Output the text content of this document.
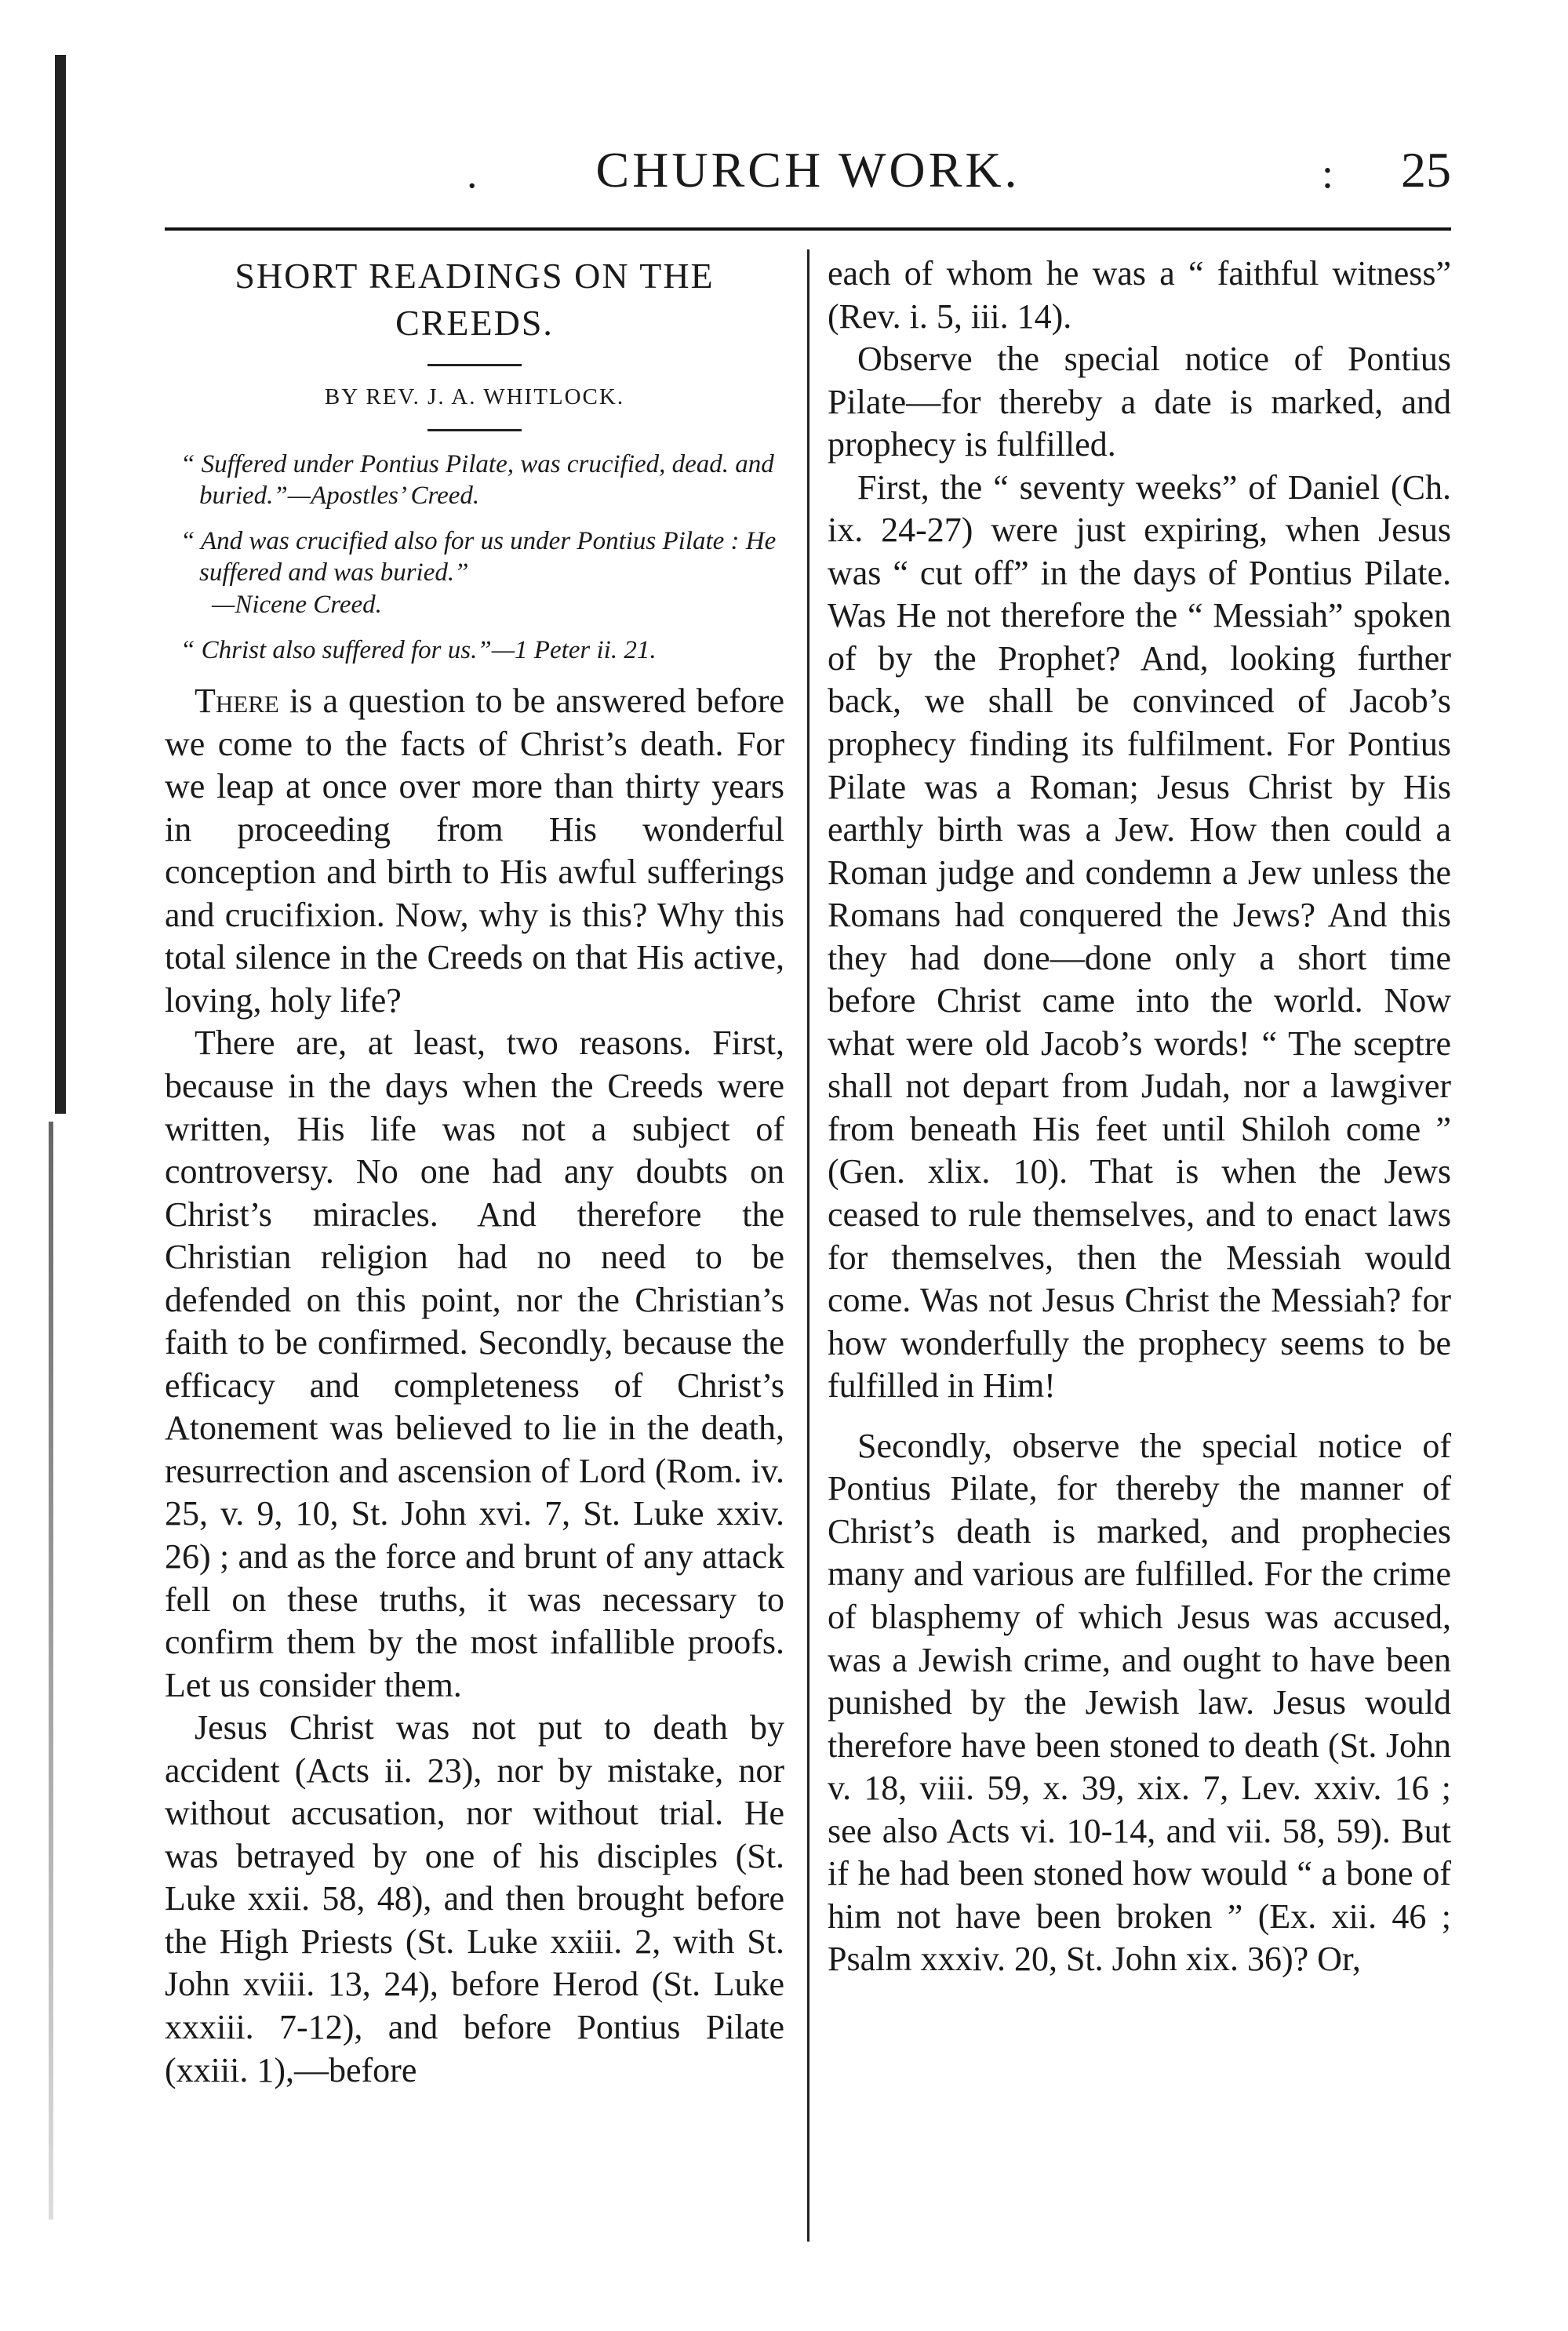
.	CHURCH WORK.	: 25
SHORT READINGS ON THE CREEDS.
BY REV. J. A. WHITLOCK.
“ Suffered under Pontius Pilate, was crucified, dead. and buried.”—Apostles’ Creed.
“ And was crucified also for us under Pontius Pilate : He suffered and was buried.”
—Nicene Creed.
“ Christ also suffered for us.”—1 Peter ii. 21.

There is a question to be answered before we come to the facts of Christ’s death. For we leap at once over more than thirty years in proceeding from His wonderful conception and birth to His awful sufferings and crucifixion. Now, why is this? Why this total silence in the Creeds on that His active, loving, holy life?

There are, at least, two reasons. First, because in the days when the Creeds were written, His life was not a subject of controversy. No one had any doubts on Christ’s miracles. And therefore the Christian religion had no need to be defended on this point, nor the Christian’s faith to be confirmed. Secondly, because the efficacy and completeness of Christ’s Atonement was believed to lie in the death, resurrection and ascension of Lord (Rom. iv. 25, v. 9, 10, St. John xvi. 7, St. Luke xxiv. 26) ; and as the force and brunt of any attack fell on these truths, it was necessary to confirm them by the most infallible proofs. Let us consider them.

Jesus Christ was not put to death by accident (Acts ii. 23), nor by mistake, nor without accusation, nor without trial. He was betrayed by one of his disciples (St. Luke xxii. 58, 48), and then brought before the High Priests (St. Luke xxiii. 2, with St. John xviii. 13, 24), before Herod (St. Luke xxxiii. 7-12), and before Pontius Pilate (xxiii. 1),—before

each of whom he was a “ faithful witness” (Rev. i. 5, iii. 14).

Observe the special notice of Pontius Pilate—for thereby a date is marked, and prophecy is fulfilled.

First, the “ seventy weeks” of Daniel (Ch. ix. 24-27) were just expiring, when Jesus was “ cut off” in the days of Pontius Pilate. Was He not therefore the “ Messiah” spoken of by the Prophet? And, looking further back, we shall be convinced of Jacob’s prophecy finding its fulfilment. For Pontius Pilate was a Roman; Jesus Christ by His earthly birth was a Jew. How then could a Roman judge and condemn a Jew unless the Romans had conquered the Jews? And this they had done—done only a short time before Christ came into the world. Now what were old Jacob’s words! “ The sceptre shall not depart from Judah, nor a lawgiver from beneath His feet until Shiloh come ” (Gen. xlix. 10). That is when the Jews ceased to rule themselves, and to enact laws for themselves, then the Messiah would come. Was not Jesus Christ the Messiah? for how wonderfully the prophecy seems to be fulfilled in Him!

Secondly, observe the special notice of Pontius Pilate, for thereby the manner of Christ’s death is marked, and prophecies many and various are fulfilled. For the crime of blasphemy of which Jesus was accused, was a Jewish crime, and ought to have been punished by the Jewish law. Jesus would therefore have been stoned to death (St. John v. 18, viii. 59, x. 39, xix. 7, Lev. xxiv. 16 ; see also Acts vi. 10-14, and vii. 58, 59). But if he had been stoned how would “ a bone of him not have been broken ” (Ex. xii. 46 ; Psalm xxxiv. 20, St. John xix. 36)? Or,
